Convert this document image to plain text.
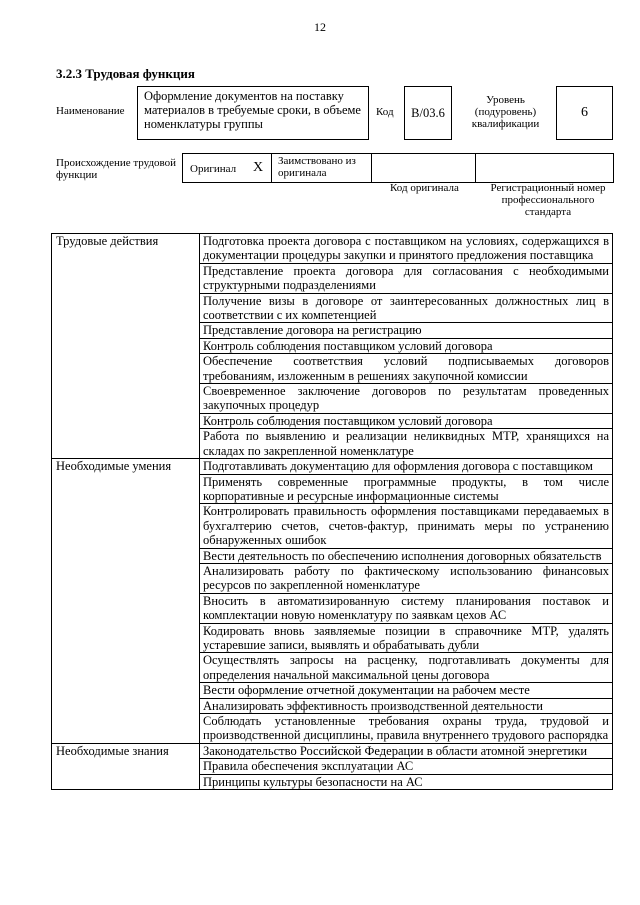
12
3.2.3 Трудовая функция
Наименование
Оформление документов на поставку материалов в требуемые сроки, в объеме номенклатуры группы
Код B/03.6
Уровень (подуровень) квалификации
6
Происхождение трудовой функции	Оригинал X Заимствовано из оригинала
Код оригинала	Регистрационный номер профессионального стандарта
Трудовые действия	Подготовка проекта договора с поставщиком на условиях, содержащихся в документации процедуры закупки и принятого предложения поставщика
	Представление проекта договора для согласования с необходимыми структурными подразделениями
	Получение визы в договоре от заинтересованных должностных лиц в соответствии с их компетенцией
	Представление договора на регистрацию
	Контроль соблюдения поставщиком условий договора
	Обеспечение соответствия условий подписываемых договоров требованиям, изложенным в решениях закупочной комиссии
	Своевременное заключение договоров по результатам проведенных закупочных процедур
	Контроль соблюдения поставщиком условий договора
	Работа по выявлению и реализации неликвидных МТР, хранящихся на складах по закрепленной номенклатуре
Необходимые умения	Подготавливать документацию для оформления договора с поставщиком
	Применять современные программные продукты, в том числе корпоративные и ресурсные информационные системы
	Контролировать правильность оформления поставщиками передаваемых в бухгалтерию счетов, счетов-фактур, принимать меры по устранению обнаруженных ошибок
	Вести деятельность по обеспечению исполнения договорных обязательств
	Анализировать работу по фактическому использованию финансовых ресурсов по закрепленной номенклатуре
	Вносить в автоматизированную систему планирования поставок и комплектации новую номенклатуру по заявкам цехов АС
	Кодировать вновь заявляемые позиции в справочнике МТР, удалять устаревшие записи, выявлять и обрабатывать дубли
	Осуществлять запросы на расценку, подготавливать документы для определения начальной максимальной цены договора
	Вести оформление отчетной документации на рабочем месте
	Анализировать эффективность производственной деятельности
	Соблюдать установленные требования охраны труда, трудовой и производственной дисциплины, правила внутреннего трудового распорядка
Необходимые знания	Законодательство Российской Федерации в области атомной энергетики
	Правила обеспечения эксплуатации АС
	Принципы культуры безопасности на АС
